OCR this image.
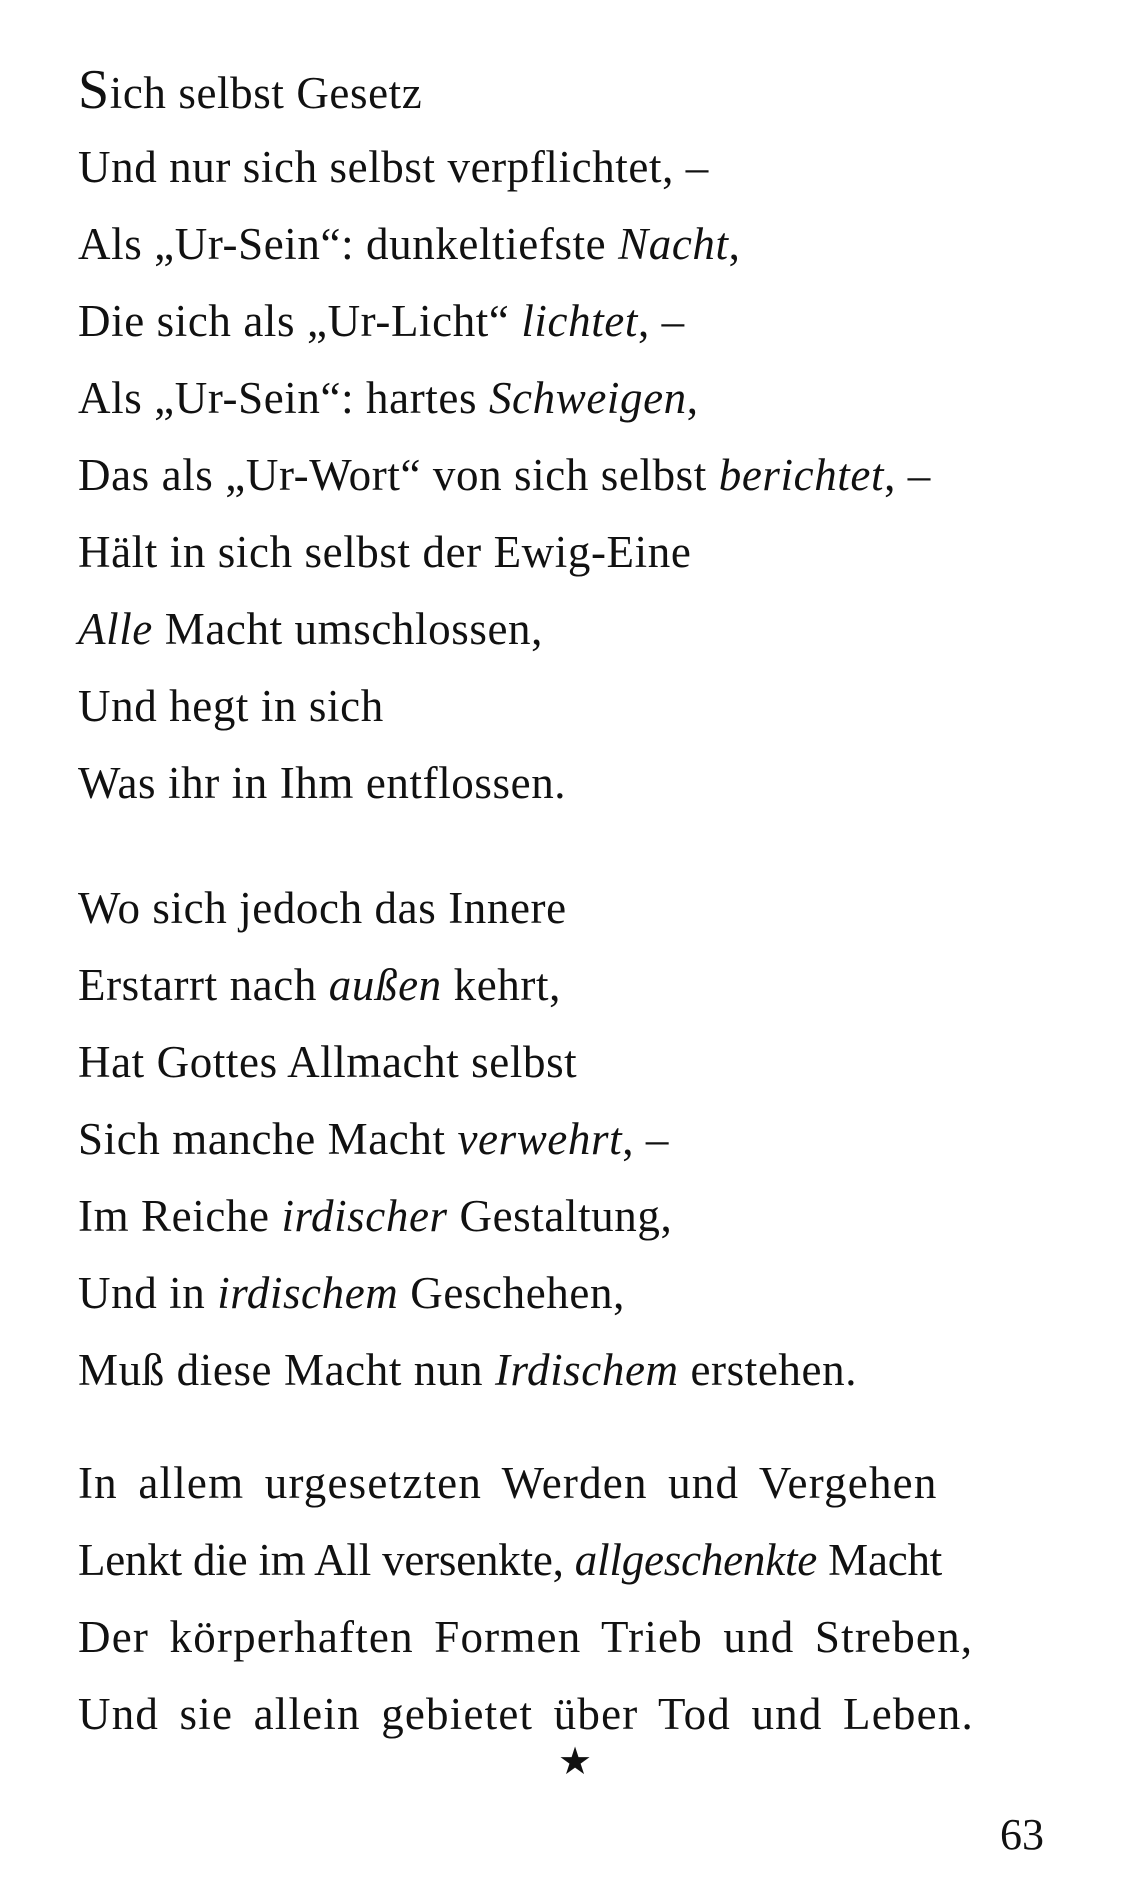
Sich selbst Gesetz
Und nur sich selbst verpflichtet, –
Als „Ur-Sein“: dunkeltiefste Nacht,
Die sich als „Ur-Licht“ lichtet, –
Als „Ur-Sein“: hartes Schweigen,
Das als „Ur-Wort“ von sich selbst berichtet, –
Hält in sich selbst der Ewig-Eine
Alle Macht umschlossen,
Und hegt in sich
Was ihr in Ihm entflossen.
Wo sich jedoch das Innere
Erstarrt nach außen kehrt,
Hat Gottes Allmacht selbst
Sich manche Macht verwehrt, –
Im Reiche irdischer Gestaltung,
Und in irdischem Geschehen,
Muß diese Macht nun Irdischem erstehen.
In allem urgesetzten Werden und Vergehen
Lenkt die im All versenkte, allgeschenkte Macht
Der körperhaften Formen Trieb und Streben,
Und sie allein gebietet über Tod und Leben.
★
63
